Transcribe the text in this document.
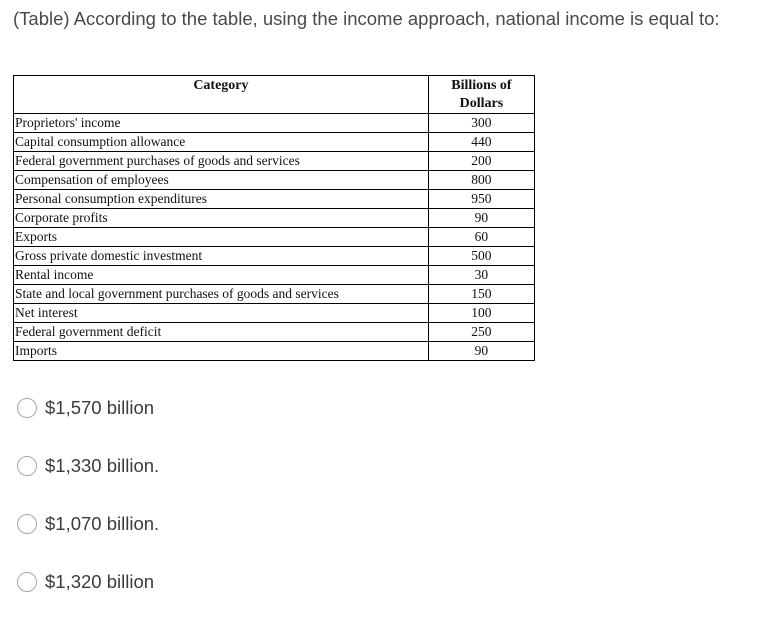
(Table) According to the table, using the income approach, national income is equal to:

Category	Billions of Dollars
Proprietors' income	300
Capital consumption allowance	440
Federal government purchases of goods and services	200
Compensation of employees	800
Personal consumption expenditures	950
Corporate profits	90
Exports	60
Gross private domestic investment	500
Rental income	30
State and local government purchases of goods and services	150
Net interest	100
Federal government deficit	250
Imports	90
$1,570 billion
$1,330 billion.
$1,070 billion.
$1,320 billion
